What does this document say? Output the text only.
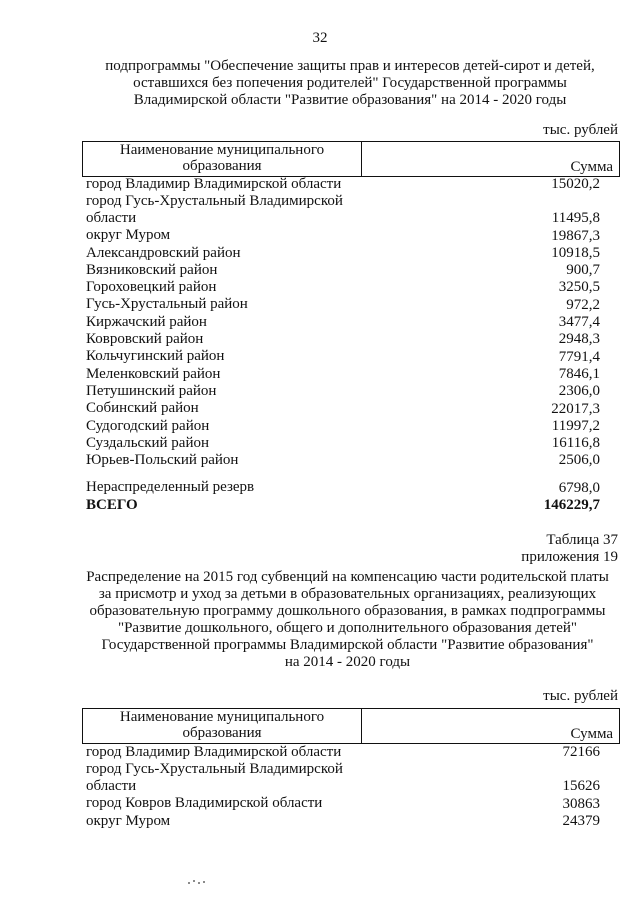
32
подпрограммы "Обеспечение защиты прав и интересов детей-сирот и детей,
оставшихся без попечения родителей" Государственной программы
Владимирской области "Развитие образования" на 2014 - 2020 годы
тыс. рублей
Наименование муниципального
образования	Сумма
город Владимир Владимирской области	15020,2
город Гусь-Хрустальный Владимирской области	11495,8
округ Муром	19867,3
Александровский район	10918,5
Вязниковский район	900,7
Гороховецкий район	3250,5
Гусь-Хрустальный район	972,2
Киржачский район	3477,4
Ковровский район	2948,3
Кольчугинский район	7791,4
Меленковский район	7846,1
Петушинский район	2306,0
Собинский район	22017,3
Судогодский район	11997,2
Суздальский район	16116,8
Юрьев-Польский район	2506,0
Нераспределенный резерв	6798,0
ВСЕГО	146229,7
Таблица 37
приложения 19
Распределение на 2015 год субвенций на компенсацию части родительской платы
за присмотр и уход за детьми в образовательных организациях, реализующих
образовательную программу дошкольного образования, в рамках подпрограммы
"Развитие дошкольного, общего и дополнительного образования детей"
Государственной программы Владимирской области "Развитие образования"
на 2014 - 2020 годы
тыс. рублей
Наименование муниципального
образования	Сумма
город Владимир Владимирской области	72166
город Гусь-Хрустальный Владимирской области	15626
город Ковров Владимирской области	30863
округ Муром	24379
